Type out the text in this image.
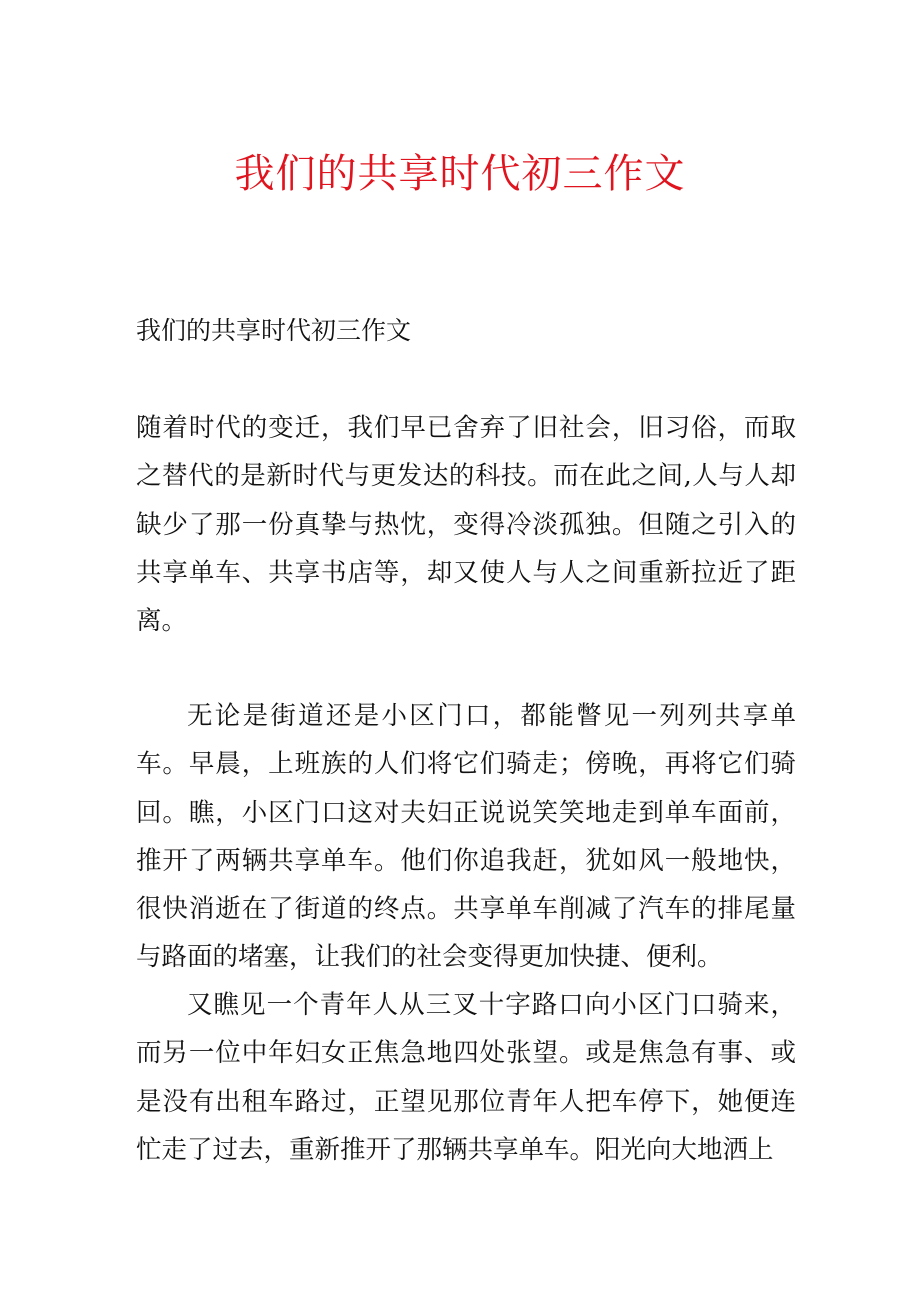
我们的共享时代初三作文

我们的共享时代初三作文

随着时代的变迁，我们早已舍弃了旧社会，旧习俗，而取之替代的是新时代与更发达的科技。而在此之间,人与人却缺少了那一份真挚与热忱，变得冷淡孤独。但随之引入的共享单车、共享书店等，却又使人与人之间重新拉近了距离。

无论是街道还是小区门口，都能瞥见一列列共享单车。早晨，上班族的人们将它们骑走；傍晚，再将它们骑回。瞧，小区门口这对夫妇正说说笑笑地走到单车面前，推开了两辆共享单车。他们你追我赶，犹如风一般地快，很快消逝在了街道的终点。共享单车削减了汽车的排尾量与路面的堵塞，让我们的社会变得更加快捷、便利。

又瞧见一个青年人从三叉十字路口向小区门口骑来，而另一位中年妇女正焦急地四处张望。或是焦急有事、或是没有出租车路过，正望见那位青年人把车停下，她便连忙走了过去，重新推开了那辆共享单车。阳光向大地洒上
